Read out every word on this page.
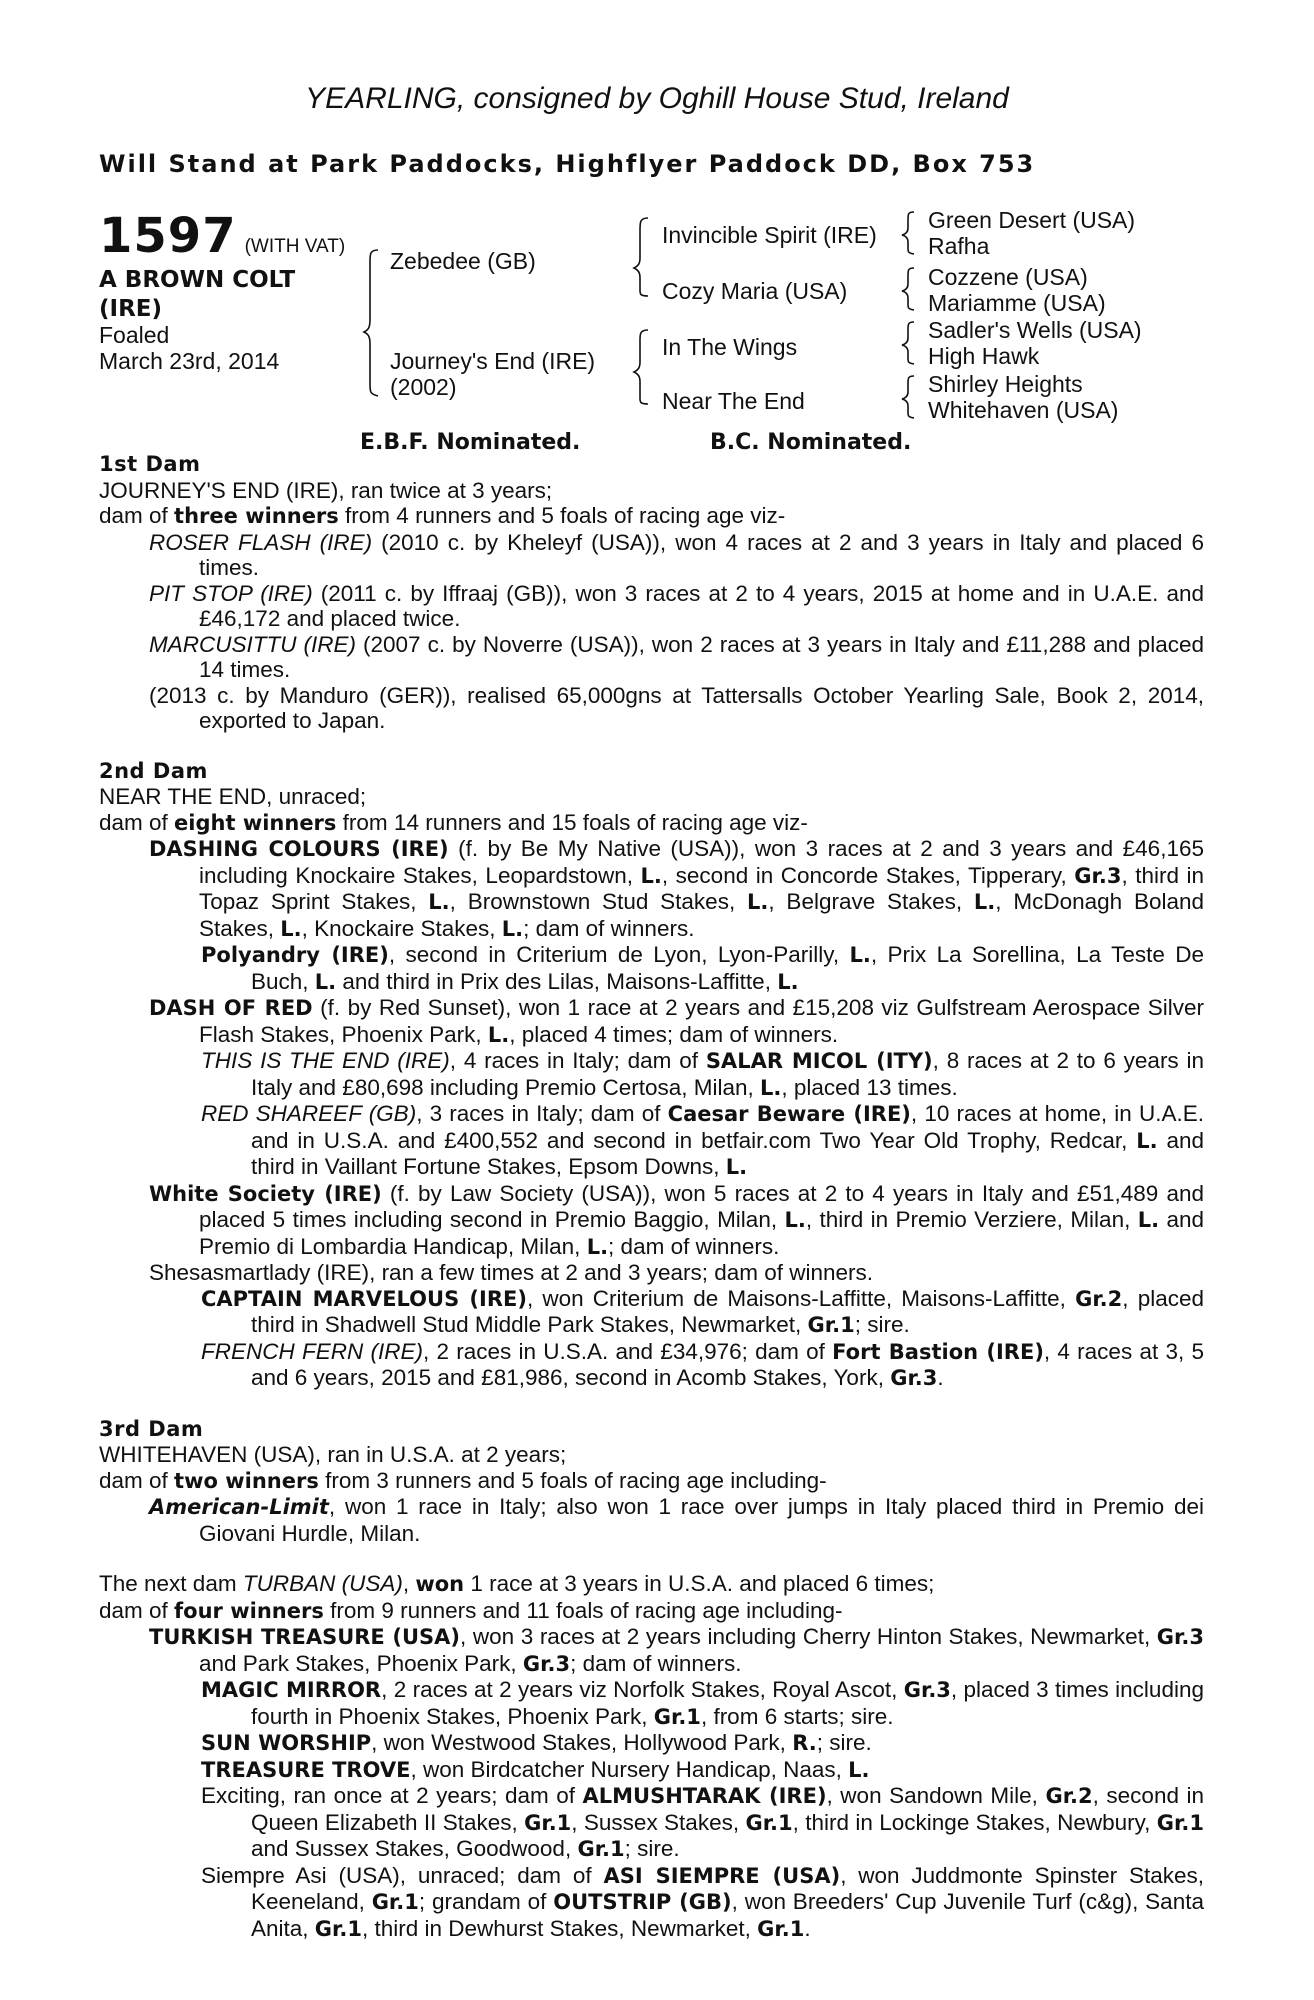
YEARLING, consigned by Oghill House Stud, Ireland
Will Stand at Park Paddocks, Highflyer Paddock DD, Box 753
1597 (WITH VAT)
A BROWN COLT
(IRE)
Foaled
March 23rd, 2014
Zebedee (GB)
Journey's End (IRE)
(2002)
Invincible Spirit (IRE)
Cozy Maria (USA)
In The Wings
Near The End
Green Desert (USA)
Rafha
Cozzene (USA)
Mariamme (USA)
Sadler's Wells (USA)
High Hawk
Shirley Heights
Whitehaven (USA)
E.B.F. Nominated.	B.C. Nominated.
1st Dam

JOURNEY'S END (IRE), ran twice at 3 years;

dam of three winners from 4 runners and 5 foals of racing age viz-

ROSER FLASH (IRE) (2010 c. by Kheleyf (USA)), won 4 races at 2 and 3 years in Italy and placed 6 times.

PIT STOP (IRE) (2011 c. by Iffraaj (GB)), won 3 races at 2 to 4 years, 2015 at home and in U.A.E. and £46,172 and placed twice.

MARCUSITTU (IRE) (2007 c. by Noverre (USA)), won 2 races at 3 years in Italy and £11,288 and placed 14 times.

(2013 c. by Manduro (GER)), realised 65,000gns at Tattersalls October Yearling Sale, Book 2, 2014, exported to Japan.

2nd Dam

NEAR THE END, unraced;

dam of eight winners from 14 runners and 15 foals of racing age viz-

DASHING COLOURS (IRE) (f. by Be My Native (USA)), won 3 races at 2 and 3 years and £46,165 including Knockaire Stakes, Leopardstown, L., second in Concorde Stakes, Tipperary, Gr.3, third in Topaz Sprint Stakes, L., Brownstown Stud Stakes, L., Belgrave Stakes, L., McDonagh Boland Stakes, L., Knockaire Stakes, L.; dam of winners.

Polyandry (IRE), second in Criterium de Lyon, Lyon-Parilly, L., Prix La Sorellina, La Teste De Buch, L. and third in Prix des Lilas, Maisons-Laffitte, L.

DASH OF RED (f. by Red Sunset), won 1 race at 2 years and £15,208 viz Gulfstream Aerospace Silver Flash Stakes, Phoenix Park, L., placed 4 times; dam of winners.

THIS IS THE END (IRE), 4 races in Italy; dam of SALAR MICOL (ITY), 8 races at 2 to 6 years in Italy and £80,698 including Premio Certosa, Milan, L., placed 13 times.

RED SHAREEF (GB), 3 races in Italy; dam of Caesar Beware (IRE), 10 races at home, in U.A.E. and in U.S.A. and £400,552 and second in betfair.com Two Year Old Trophy, Redcar, L. and third in Vaillant Fortune Stakes, Epsom Downs, L.

White Society (IRE) (f. by Law Society (USA)), won 5 races at 2 to 4 years in Italy and £51,489 and placed 5 times including second in Premio Baggio, Milan, L., third in Premio Verziere, Milan, L. and Premio di Lombardia Handicap, Milan, L.; dam of winners.

Shesasmartlady (IRE), ran a few times at 2 and 3 years; dam of winners.

CAPTAIN MARVELOUS (IRE), won Criterium de Maisons-Laffitte, Maisons-Laffitte, Gr.2, placed third in Shadwell Stud Middle Park Stakes, Newmarket, Gr.1; sire.

FRENCH FERN (IRE), 2 races in U.S.A. and £34,976; dam of Fort Bastion (IRE), 4 races at 3, 5 and 6 years, 2015 and £81,986, second in Acomb Stakes, York, Gr.3.

3rd Dam

WHITEHAVEN (USA), ran in U.S.A. at 2 years;

dam of two winners from 3 runners and 5 foals of racing age including-

American-Limit, won 1 race in Italy; also won 1 race over jumps in Italy placed third in Premio dei Giovani Hurdle, Milan.

The next dam TURBAN (USA), won 1 race at 3 years in U.S.A. and placed 6 times;

dam of four winners from 9 runners and 11 foals of racing age including-

TURKISH TREASURE (USA), won 3 races at 2 years including Cherry Hinton Stakes, Newmarket, Gr.3 and Park Stakes, Phoenix Park, Gr.3; dam of winners.

MAGIC MIRROR, 2 races at 2 years viz Norfolk Stakes, Royal Ascot, Gr.3, placed 3 times including fourth in Phoenix Stakes, Phoenix Park, Gr.1, from 6 starts; sire.

SUN WORSHIP, won Westwood Stakes, Hollywood Park, R.; sire.

TREASURE TROVE, won Birdcatcher Nursery Handicap, Naas, L.

Exciting, ran once at 2 years; dam of ALMUSHTARAK (IRE), won Sandown Mile, Gr.2, second in Queen Elizabeth II Stakes, Gr.1, Sussex Stakes, Gr.1, third in Lockinge Stakes, Newbury, Gr.1 and Sussex Stakes, Goodwood, Gr.1; sire.

Siempre Asi (USA), unraced; dam of ASI SIEMPRE (USA), won Juddmonte Spinster Stakes, Keeneland, Gr.1; grandam of OUTSTRIP (GB), won Breeders' Cup Juvenile Turf (c&g), Santa Anita, Gr.1, third in Dewhurst Stakes, Newmarket, Gr.1.
